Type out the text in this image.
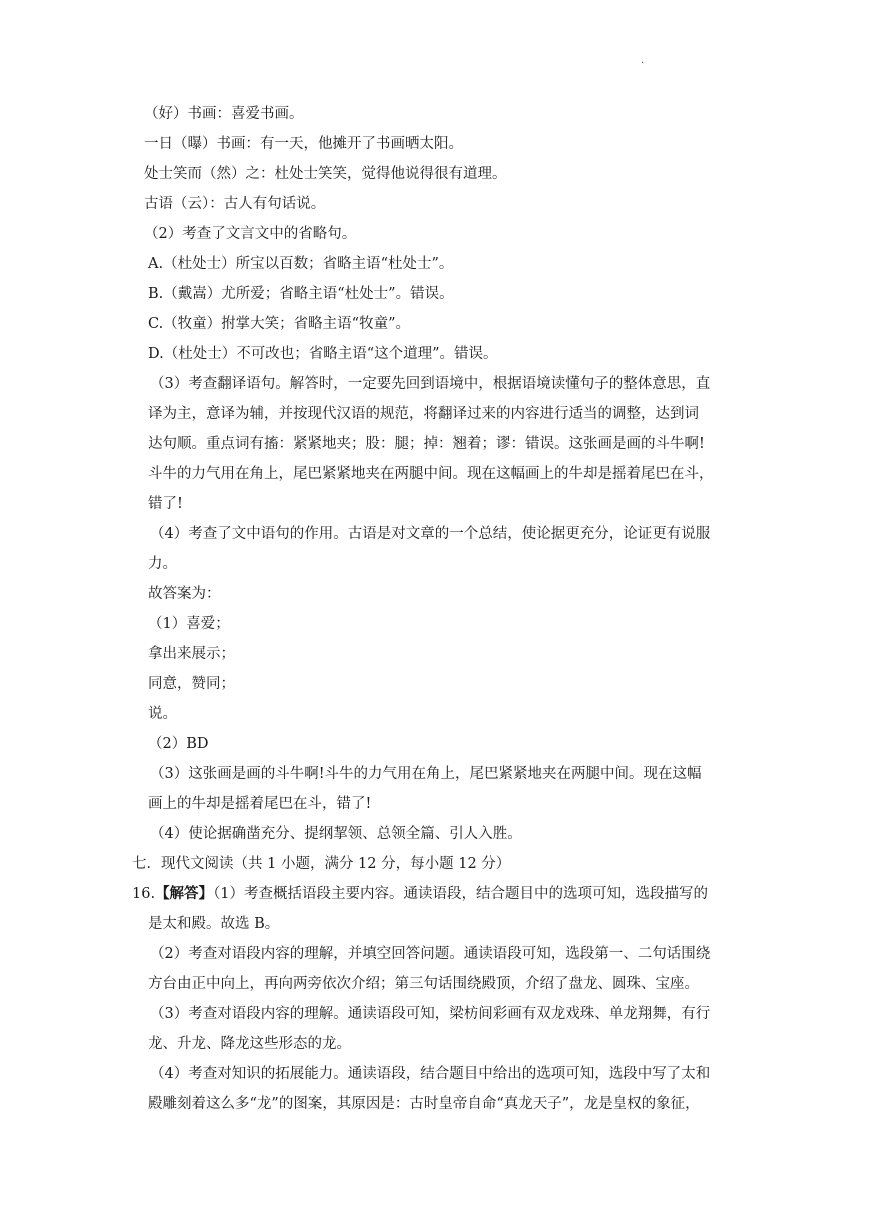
.
（好）书画：喜爱书画。
一日（曝）书画：有一天，他摊开了书画晒太阳。
处士笑而（然）之：杜处士笑笑，觉得他说得很有道理。
古语（云）：古人有句话说。
（2）考查了文言文中的省略句。
A.（杜处士）所宝以百数；省略主语“杜处士”。
B.（戴嵩）尤所爱；省略主语“杜处士”。错误。
C.（牧童）拊掌大笑；省略主语“牧童”。
D.（杜处士）不可改也；省略主语“这个道理”。错误。
（3）考查翻译语句。解答时，一定要先回到语境中，根据语境读懂句子的整体意思，直
译为主，意译为辅，并按现代汉语的规范，将翻译过来的内容进行适当的调整，达到词
达句顺。重点词有搐：紧紧地夹；股：腿；掉：翘着；谬：错误。这张画是画的斗牛啊!
斗牛的力气用在角上，尾巴紧紧地夹在两腿中间。现在这幅画上的牛却是摇着尾巴在斗，
错了!
（4）考查了文中语句的作用。古语是对文章的一个总结，使论据更充分，论证更有说服
力。
故答案为：
（1）喜爱；
拿出来展示；
同意，赞同；
说。
（2）BD
（3）这张画是画的斗牛啊!斗牛的力气用在角上，尾巴紧紧地夹在两腿中间。现在这幅
画上的牛却是摇着尾巴在斗，错了!
（4）使论据确凿充分、提纲挈领、总领全篇、引人入胜。
七．现代文阅读（共 1 小题，满分 12 分，每小题 12 分）
16.【解答】（1）考查概括语段主要内容。通读语段，结合题目中的选项可知，选段描写的
是太和殿。故选 B。
（2）考查对语段内容的理解，并填空回答问题。通读语段可知，选段第一、二句话围绕
方台由正中向上，再向两旁依次介绍；第三句话围绕殿顶，介绍了盘龙、圆珠、宝座。
（3）考查对语段内容的理解。通读语段可知，梁枋间彩画有双龙戏珠、单龙翔舞，有行
龙、升龙、降龙这些形态的龙。
（4）考查对知识的拓展能力。通读语段，结合题目中给出的选项可知，选段中写了太和
殿雕刻着这么多“龙”的图案，其原因是：古时皇帝自命“真龙天子”，龙是皇权的象征，
